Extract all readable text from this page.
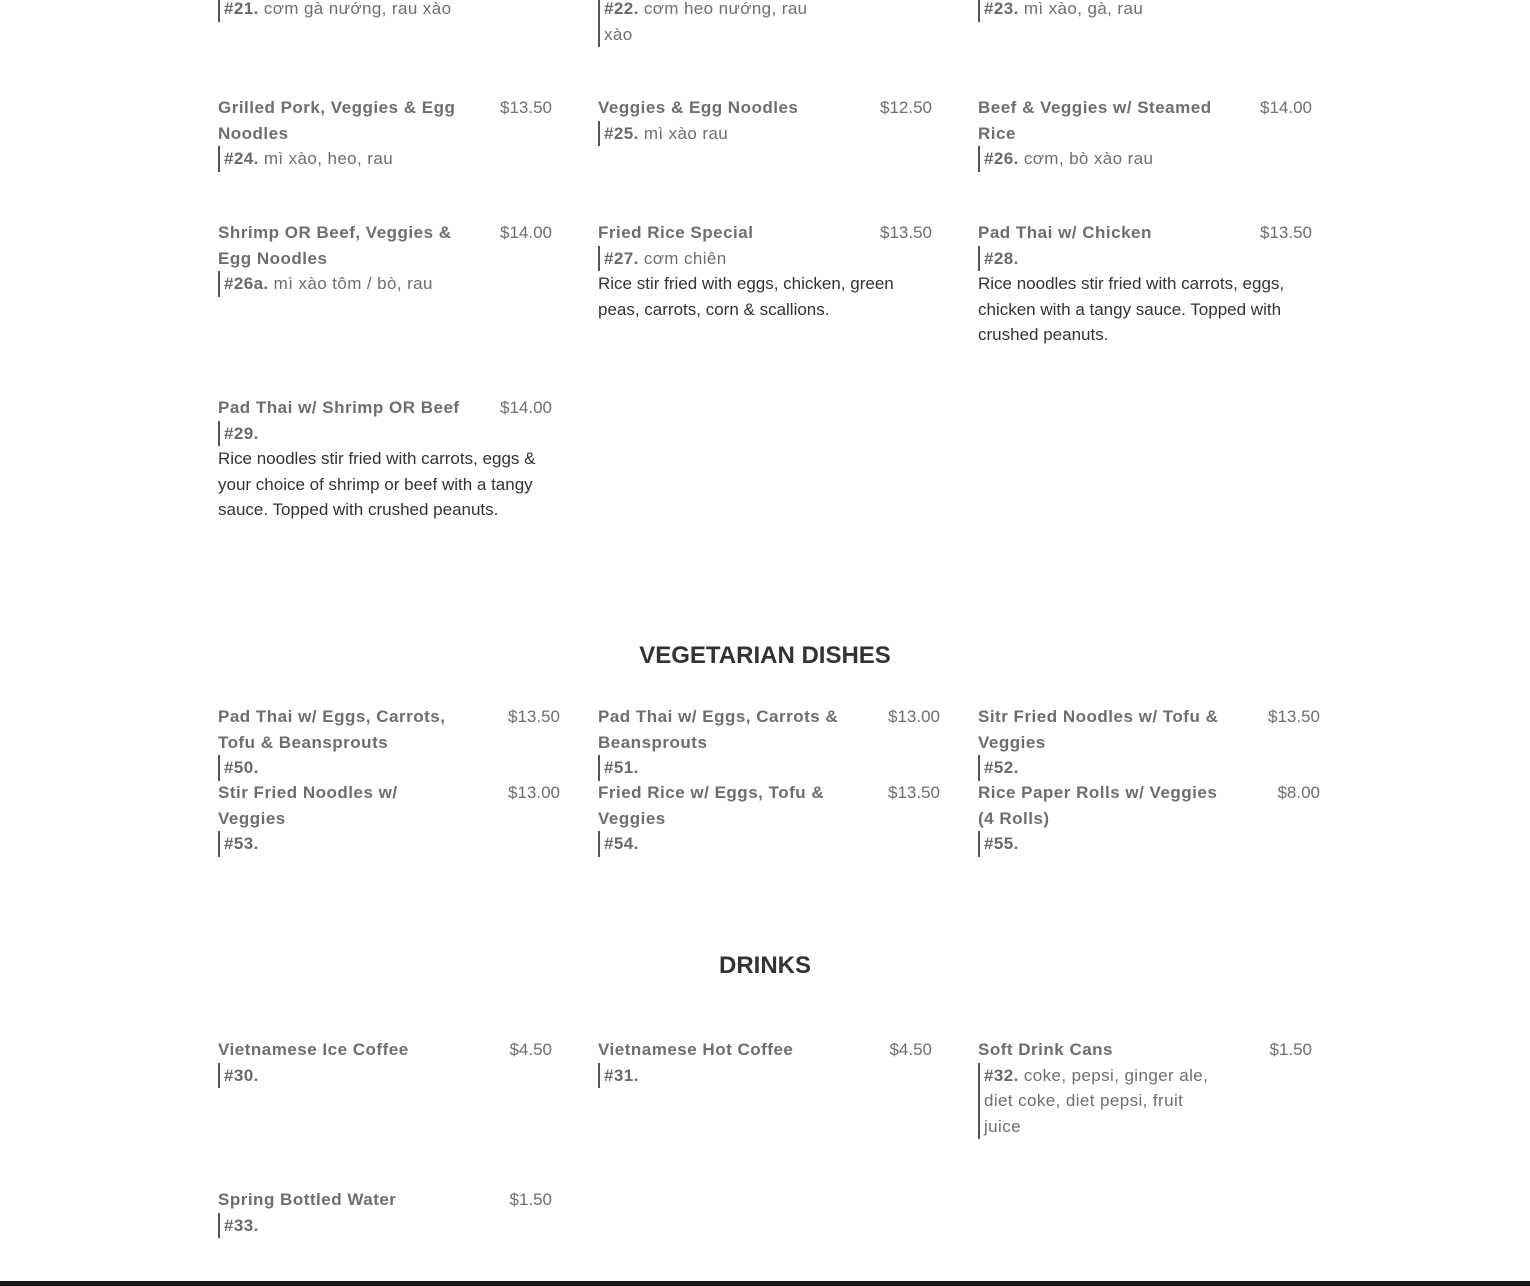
#21. cơm gà nướng, rau xào	#22. cơm heo nướng, rau xào
#23. mì xào, gà, rau
Grilled Pork, Veggies & Egg Noodles
$13.50
#24. mì xào, heo, rau
Veggies & Egg Noodles	$12.50
#25. mì xào rau
Beef & Veggies w/ Steamed Rice
$14.00
#26. cơm, bò xào rau
Shrimp OR Beef, Veggies & Egg Noodles
$14.00
#26a. mì xào tôm / bò, rau
Fried Rice Special	$13.50
#27. cơm chiên
Rice stir fried with eggs, chicken, green peas, carrots, corn & scallions.
Pad Thai w/ Chicken	$13.50
#28.
Rice noodles stir fried with carrots, eggs, chicken with a tangy sauce. Topped with crushed peanuts.
Pad Thai w/ Shrimp OR Beef	$14.00
#29.
Rice noodles stir fried with carrots, eggs & your choice of shrimp or beef with a tangy sauce. Topped with crushed peanuts.
VEGETARIAN DISHES
Pad Thai w/ Eggs, Carrots, Tofu & Beansprouts
$13.50
#50.
Pad Thai w/ Eggs, Carrots & Beansprouts
$13.00
#51.
Sitr Fried Noodles w/ Tofu & Veggies
$13.50
#52.
Stir Fried Noodles w/ Veggies
$13.00
#53.
Fried Rice w/ Eggs, Tofu & Veggies
$13.50
#54.
Rice Paper Rolls w/ Veggies (4 Rolls)
$8.00
#55.
DRINKS
Vietnamese Ice Coffee	$4.50
#30.
Vietnamese Hot Coffee	$4.50
#31.
Soft Drink Cans	$1.50
#32. coke, pepsi, ginger ale, diet coke, diet pepsi, fruit juice
Spring Bottled Water	$1.50
#33.
